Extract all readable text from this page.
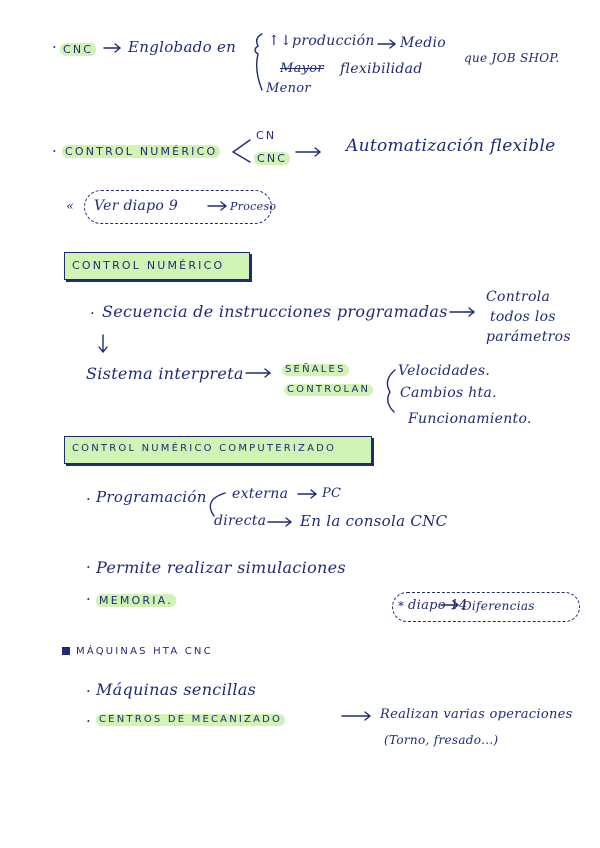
· CNC Englobado en ↑↓producción Medio
Mayor flexibilidad
que JOB SHOP.
Menor
· CONTROL NUMÉRICO
CN
CNC
Automatización flexible
« Ver diapo 9	Proceso
CONTROL NUMÉRICO
· Secuencia de instrucciones programadas
Controla
todos los
parámetros
Sistema interpreta	SEÑALES
CONTROLAN
Velocidades.
Cambios hta.
Funcionamiento.
CONTROL NUMÉRICO COMPUTERIZADO
· Programación externa	PC
directa En la consola CNC
· Permite realizar simulaciones
· MEMORIA.	* diapo 14
Diferencias
MÁQUINAS HTA CNC
· Máquinas sencillas
· CENTROS DE MECANIZADO	Realizan varias operaciones
(Torno, fresado...)
